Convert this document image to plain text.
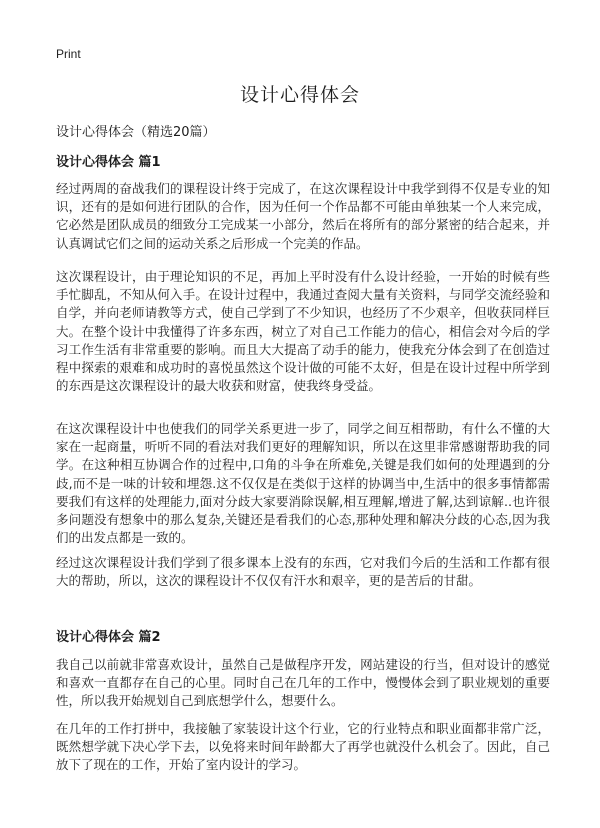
Print
设计心得体会

设计心得体会（精选20篇）

设计心得体会 篇1

经过两周的奋战我们的课程设计终于完成了，在这次课程设计中我学到得不仅是专业的知识，还有的是如何进行团队的合作，因为任何一个作品都不可能由单独某一个人来完成，它必然是团队成员的细致分工完成某一小部分，然后在将所有的部分紧密的结合起来，并认真调试它们之间的运动关系之后形成一个完美的作品。

这次课程设计，由于理论知识的不足，再加上平时没有什么设计经验，一开始的时候有些手忙脚乱，不知从何入手。在设计过程中，我通过查阅大量有关资料，与同学交流经验和自学，并向老师请教等方式，使自己学到了不少知识，也经历了不少艰辛，但收获同样巨大。在整个设计中我懂得了许多东西，树立了对自己工作能力的信心，相信会对今后的学习工作生活有非常重要的影响。而且大大提高了动手的能力，使我充分体会到了在创造过程中探索的艰难和成功时的喜悦虽然这个设计做的可能不太好，但是在设计过程中所学到的东西是这次课程设计的最大收获和财富，使我终身受益。

在这次课程设计中也使我们的同学关系更进一步了，同学之间互相帮助，有什么不懂的大家在一起商量，听听不同的看法对我们更好的理解知识，所以在这里非常感谢帮助我的同学。在这种相互协调合作的过程中,口角的斗争在所难免,关键是我们如何的处理遇到的分歧,而不是一味的计较和埋怨.这不仅仅是在类似于这样的协调当中,生活中的很多事情都需要我们有这样的处理能力,面对分歧大家要消除误解,相互理解,增进了解,达到谅解..也许很多问题没有想象中的那么复杂,关键还是看我们的心态,那种处理和解决分歧的心态,因为我们的出发点都是一致的。

经过这次课程设计我们学到了很多课本上没有的东西，它对我们今后的生活和工作都有很大的帮助，所以，这次的课程设计不仅仅有汗水和艰辛，更的是苦后的甘甜。

设计心得体会 篇2

我自己以前就非常喜欢设计，虽然自己是做程序开发，网站建设的行当，但对设计的感觉和喜欢一直都存在自己的心里。同时自己在几年的工作中，慢慢体会到了职业规划的重要性，所以我开始规划自己到底想学什么，想要什么。

在几年的工作打拼中，我接触了家装设计这个行业，它的行业特点和职业面都非常广泛，既然想学就下决心学下去，以免将来时间年龄都大了再学也就没什么机会了。因此，自己放下了现在的工作，开始了室内设计的学习。
